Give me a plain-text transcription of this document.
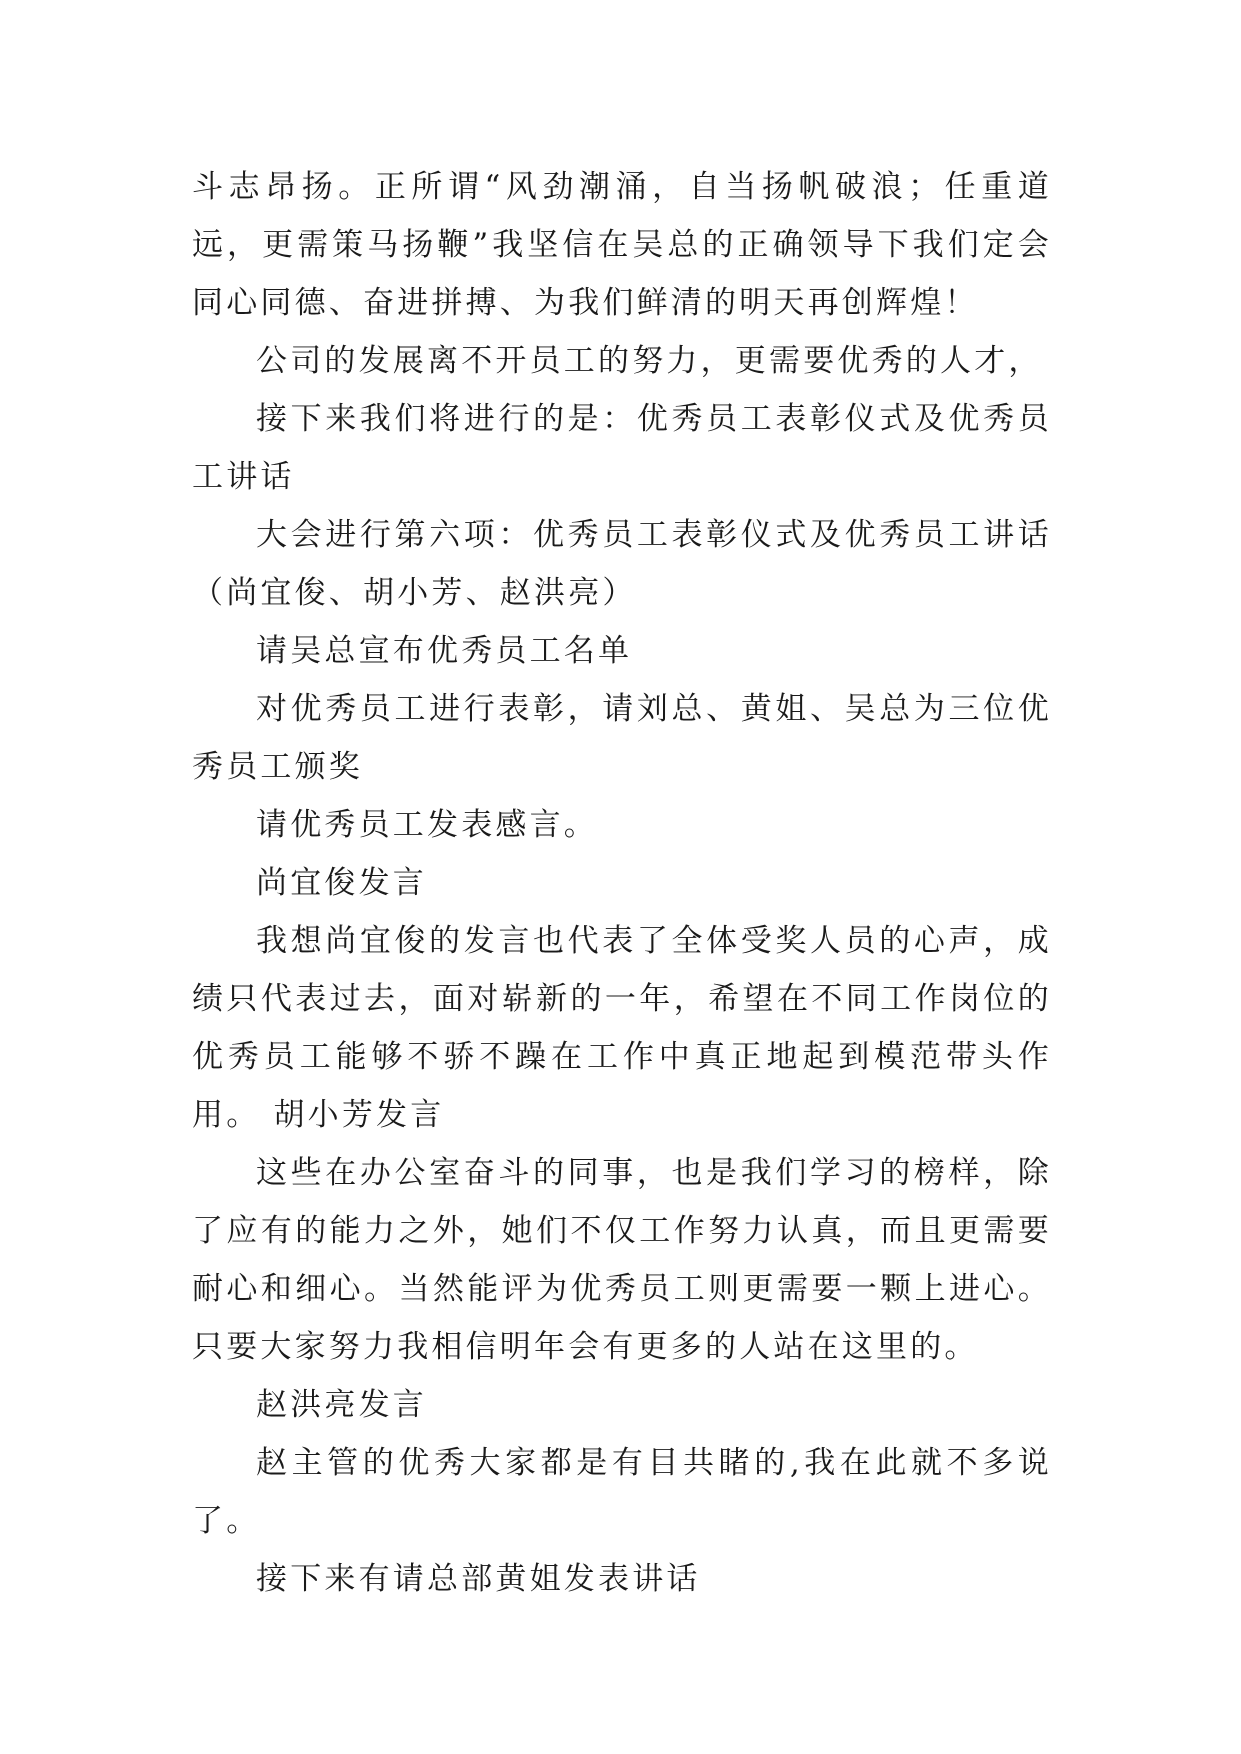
斗志昂扬。正所谓“风劲潮涌，自当扬帆破浪；任重道远，更需策马扬鞭”我坚信在吴总的正确领导下我们定会同心同德、奋进拼搏、为我们鲜清的明天再创辉煌！

公司的发展离不开员工的努力，更需要优秀的人才，

接下来我们将进行的是：优秀员工表彰仪式及优秀员工讲话

大会进行第六项：优秀员工表彰仪式及优秀员工讲话（尚宜俊、胡小芳、赵洪亮）

请吴总宣布优秀员工名单

对优秀员工进行表彰，请刘总、黄姐、吴总为三位优秀员工颁奖

请优秀员工发表感言。

尚宜俊发言

我想尚宜俊的发言也代表了全体受奖人员的心声，成绩只代表过去，面对崭新的一年，希望在不同工作岗位的优秀员工能够不骄不躁在工作中真正地起到模范带头作用。 胡小芳发言

这些在办公室奋斗的同事，也是我们学习的榜样，除了应有的能力之外，她们不仅工作努力认真，而且更需要耐心和细心。当然能评为优秀员工则更需要一颗上进心。只要大家努力我相信明年会有更多的人站在这里的。

赵洪亮发言

赵主管的优秀大家都是有目共睹的,我在此就不多说了。

接下来有请总部黄姐发表讲话
